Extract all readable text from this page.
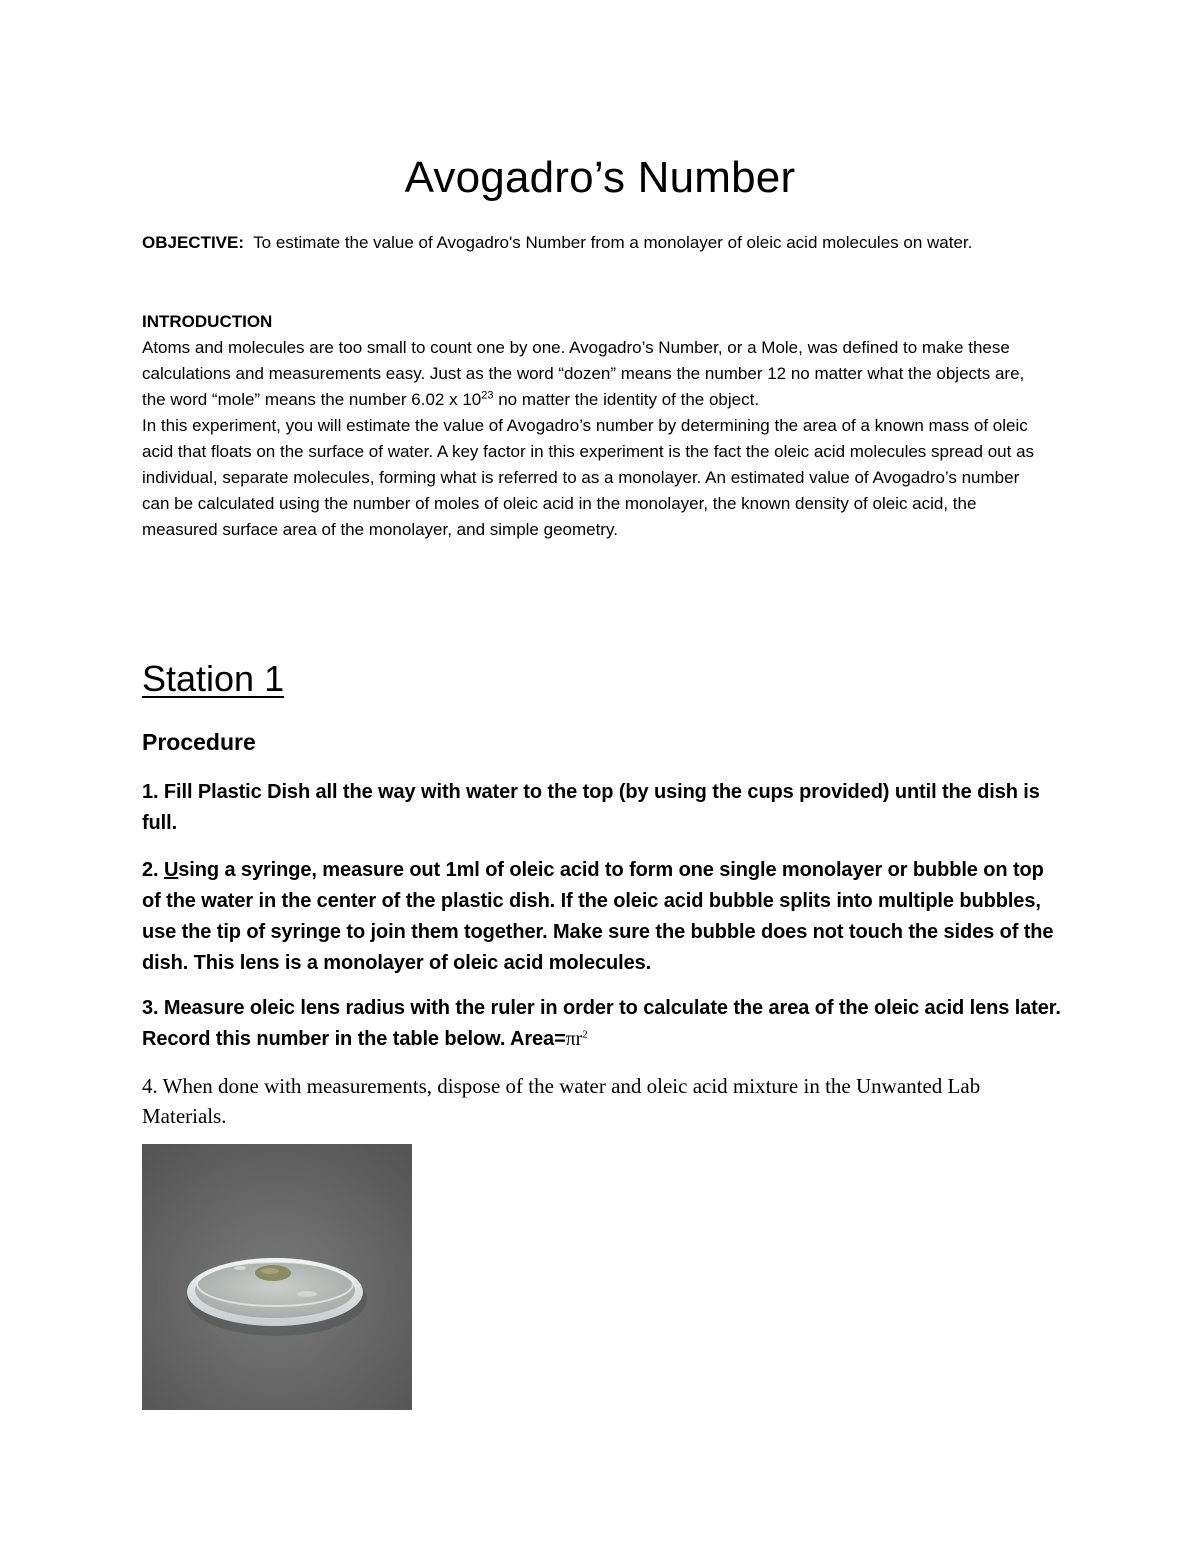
Avogadro’s Number
OBJECTIVE: To estimate the value of Avogadro's Number from a monolayer of oleic acid molecules on water.
INTRODUCTION

Atoms and molecules are too small to count one by one. Avogadro’s Number, or a Mole, was defined to make these calculations and measurements easy. Just as the word “dozen” means the number 12 no matter what the objects are, the word “mole” means the number 6.02 x $10^{23}$ no matter the identity of the object.

In this experiment, you will estimate the value of Avogadro’s number by determining the area of a known mass of oleic acid that floats on the surface of water. A key factor in this experiment is the fact the oleic acid molecules spread out as individual, separate molecules, forming what is referred to as a monolayer. An estimated value of Avogadro’s number can be calculated using the number of moles of oleic acid in the monolayer, the known density of oleic acid, the measured surface area of the monolayer, and simple geometry.

Station 1
Procedure
1. Fill Plastic Dish all the way with water to the top (by using the cups provided) until the dish is full.
2. Using a syringe, measure out 1ml of oleic acid to form one single monolayer or bubble on top of the water in the center of the plastic dish. If the oleic acid bubble splits into multiple bubbles, use the tip of syringe to join them together. Make sure the bubble does not touch the sides of the dish. This lens is a monolayer of oleic acid molecules.
3. Measure oleic lens radius with the ruler in order to calculate the area of the oleic acid lens later. Record this number in the table below. $Area=\pi r^2$
4. When done with measurements, dispose of the water and oleic acid mixture in the Unwanted Lab Materials.
